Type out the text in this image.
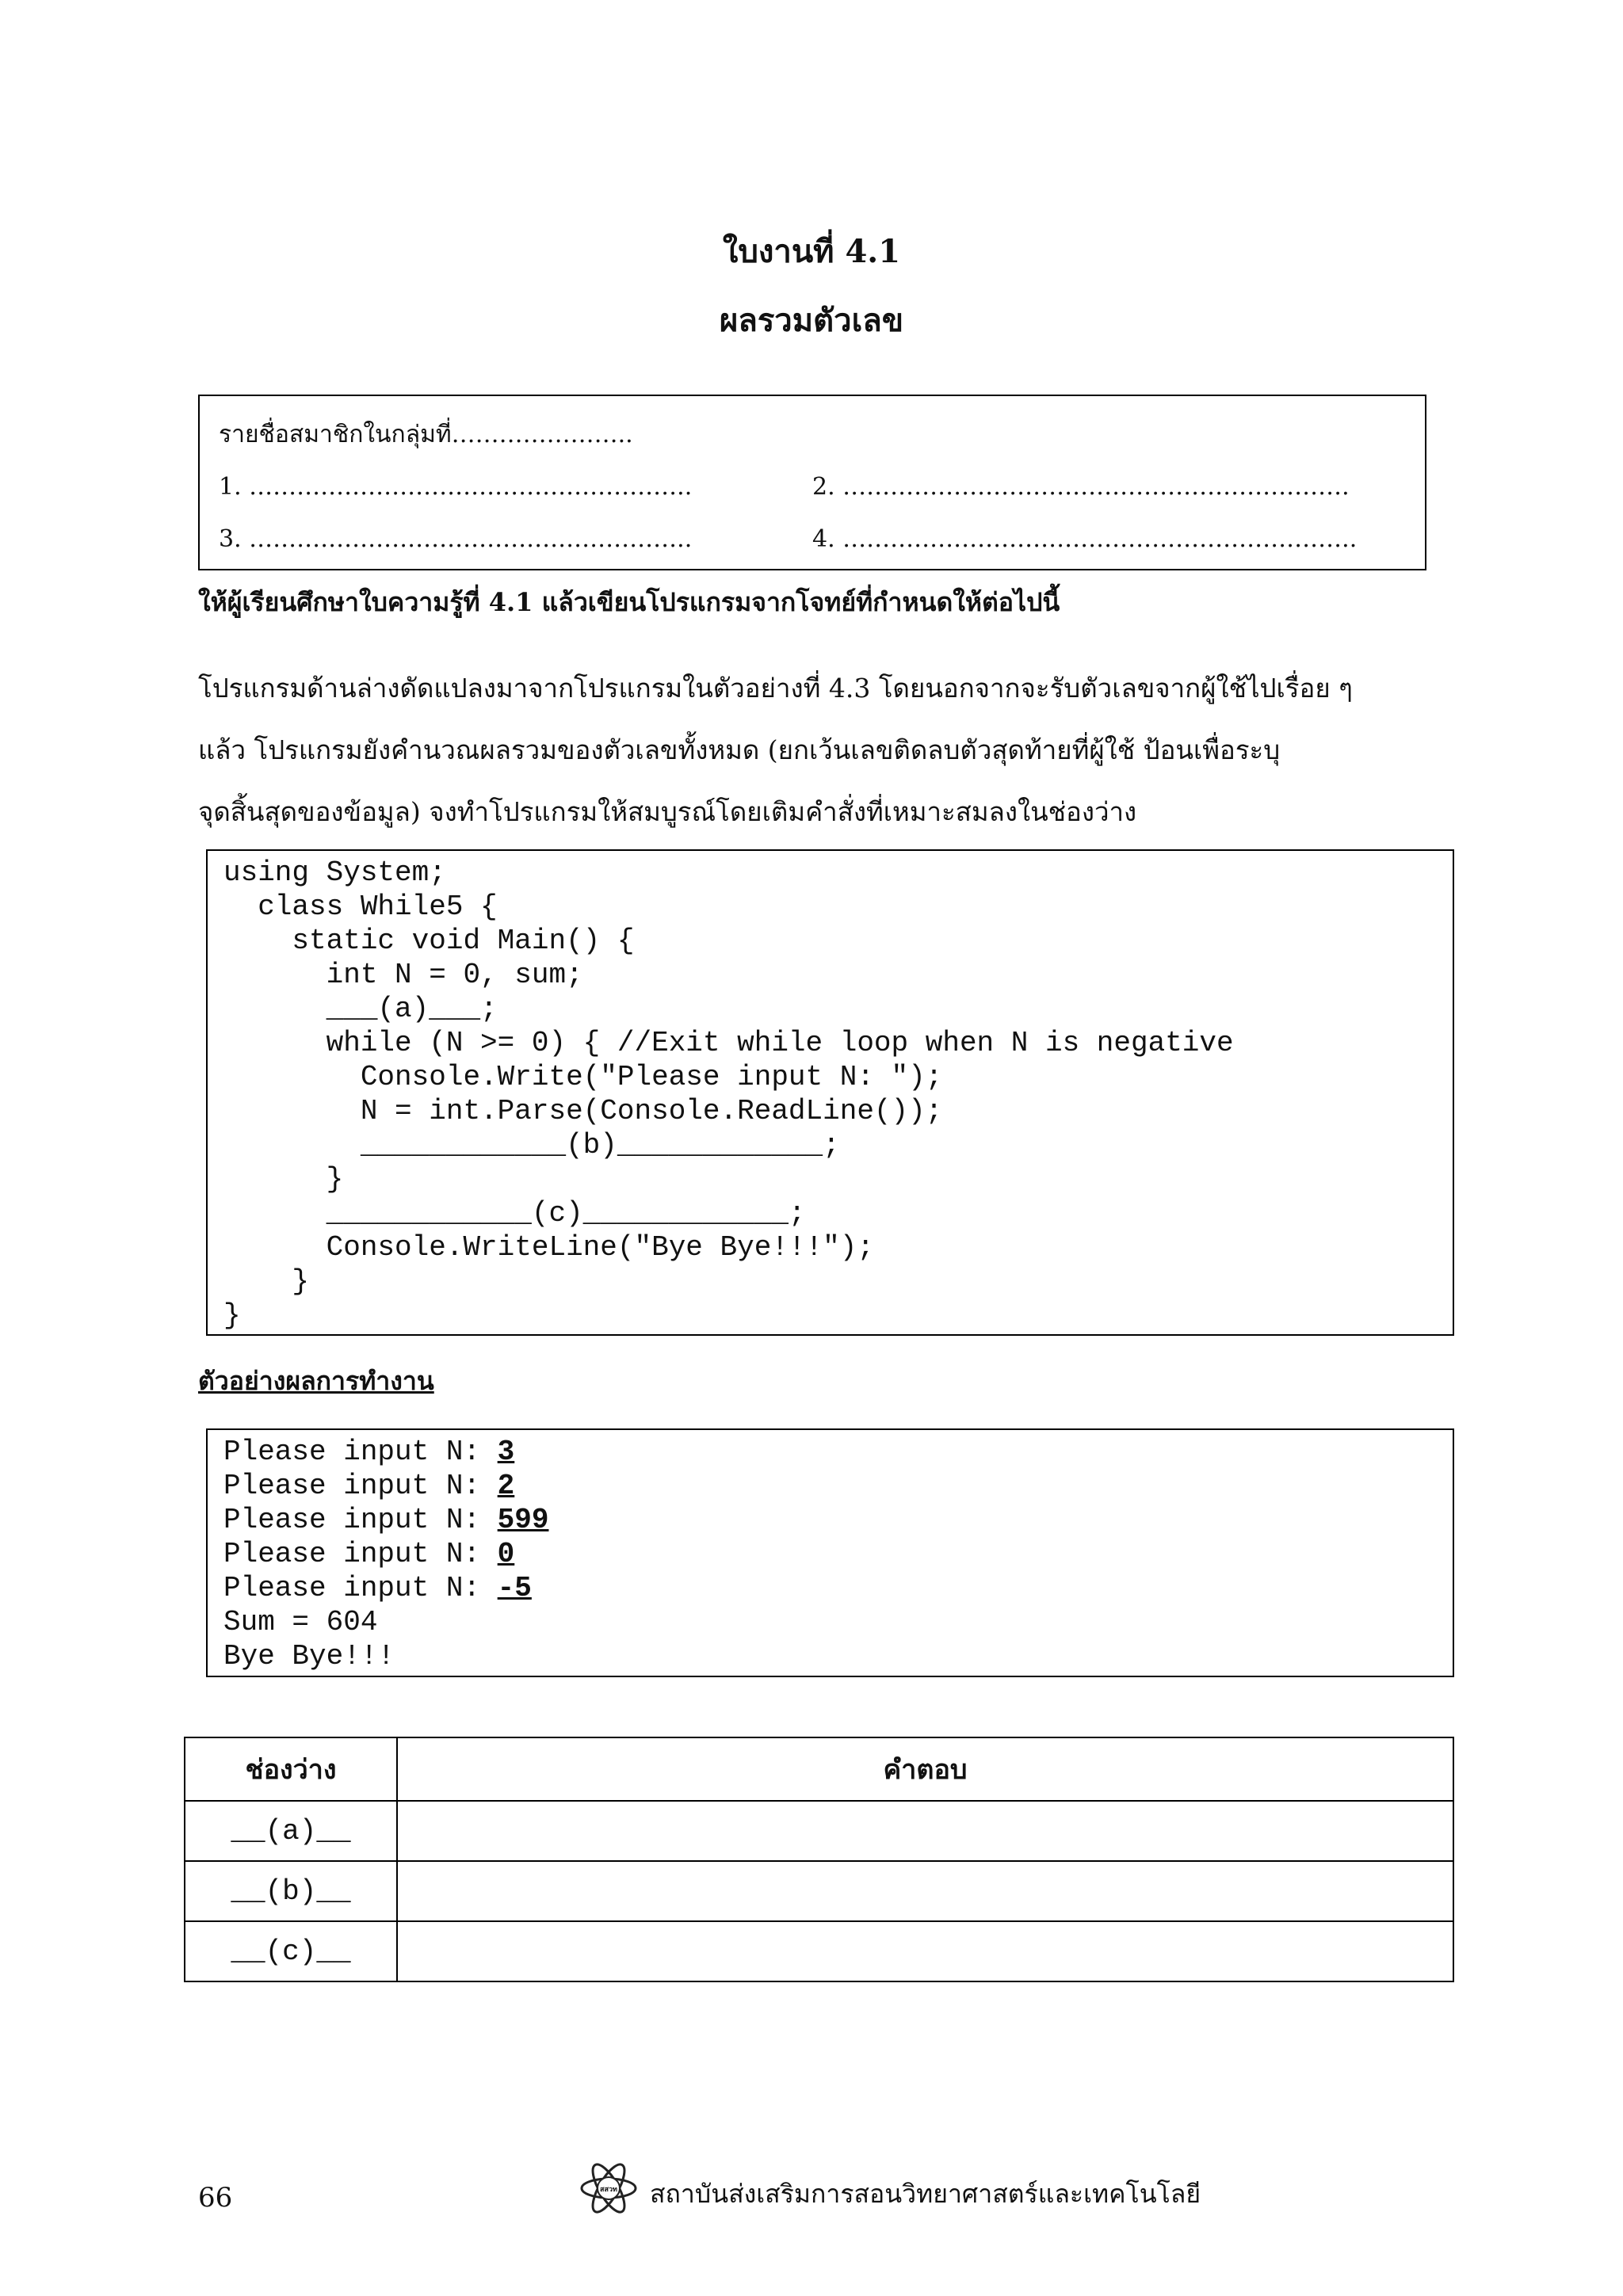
ใบงานที่ 4.1
ผลรวมตัวเลข
รายชื่อสมาชิกในกลุ่มที่…………………..
1. ………………………………………………..	2. ……………………………………………………….
3. ………………………………………………..	4. ………………………………………………………..
ให้ผู้เรียนศึกษาใบความรู้ที่ 4.1 แล้วเขียนโปรแกรมจากโจทย์ที่กำหนดให้ต่อไปนี้
โปรแกรมด้านล่างดัดแปลงมาจากโปรแกรมในตัวอย่างที่ 4.3 โดยนอกจากจะรับตัวเลขจากผู้ใช้ไปเรื่อย ๆ
แล้ว โปรแกรมยังคำนวณผลรวมของตัวเลขทั้งหมด (ยกเว้นเลขติดลบตัวสุดท้ายที่ผู้ใช้ ป้อนเพื่อระบุ
จุดสิ้นสุดของข้อมูล) จงทำโปรแกรมให้สมบูรณ์โดยเติมคำสั่งที่เหมาะสมลงในช่องว่าง
using System;
class While5 {
static void Main() {
int N = 0, sum;
___(a)___;
while (N >= 0) { //Exit while loop when N is negative
Console.Write("Please input N: ");
N = int.Parse(Console.ReadLine());
____________(b)____________;
}
____________(c)____________;
Console.WriteLine("Bye Bye!!!");
}
}
ตัวอย่างผลการทำงาน
Please input N: 3
Please input N: 2
Please input N: 599
Please input N: 0
Please input N: -5
Sum = 604
Bye Bye!!!
ช่องว่าง	คำตอบ
__(a)__	
__(b)__	
__(c)__	
66	สสวท สถาบันส่งเสริมการสอนวิทยาศาสตร์และเทคโนโลยี
